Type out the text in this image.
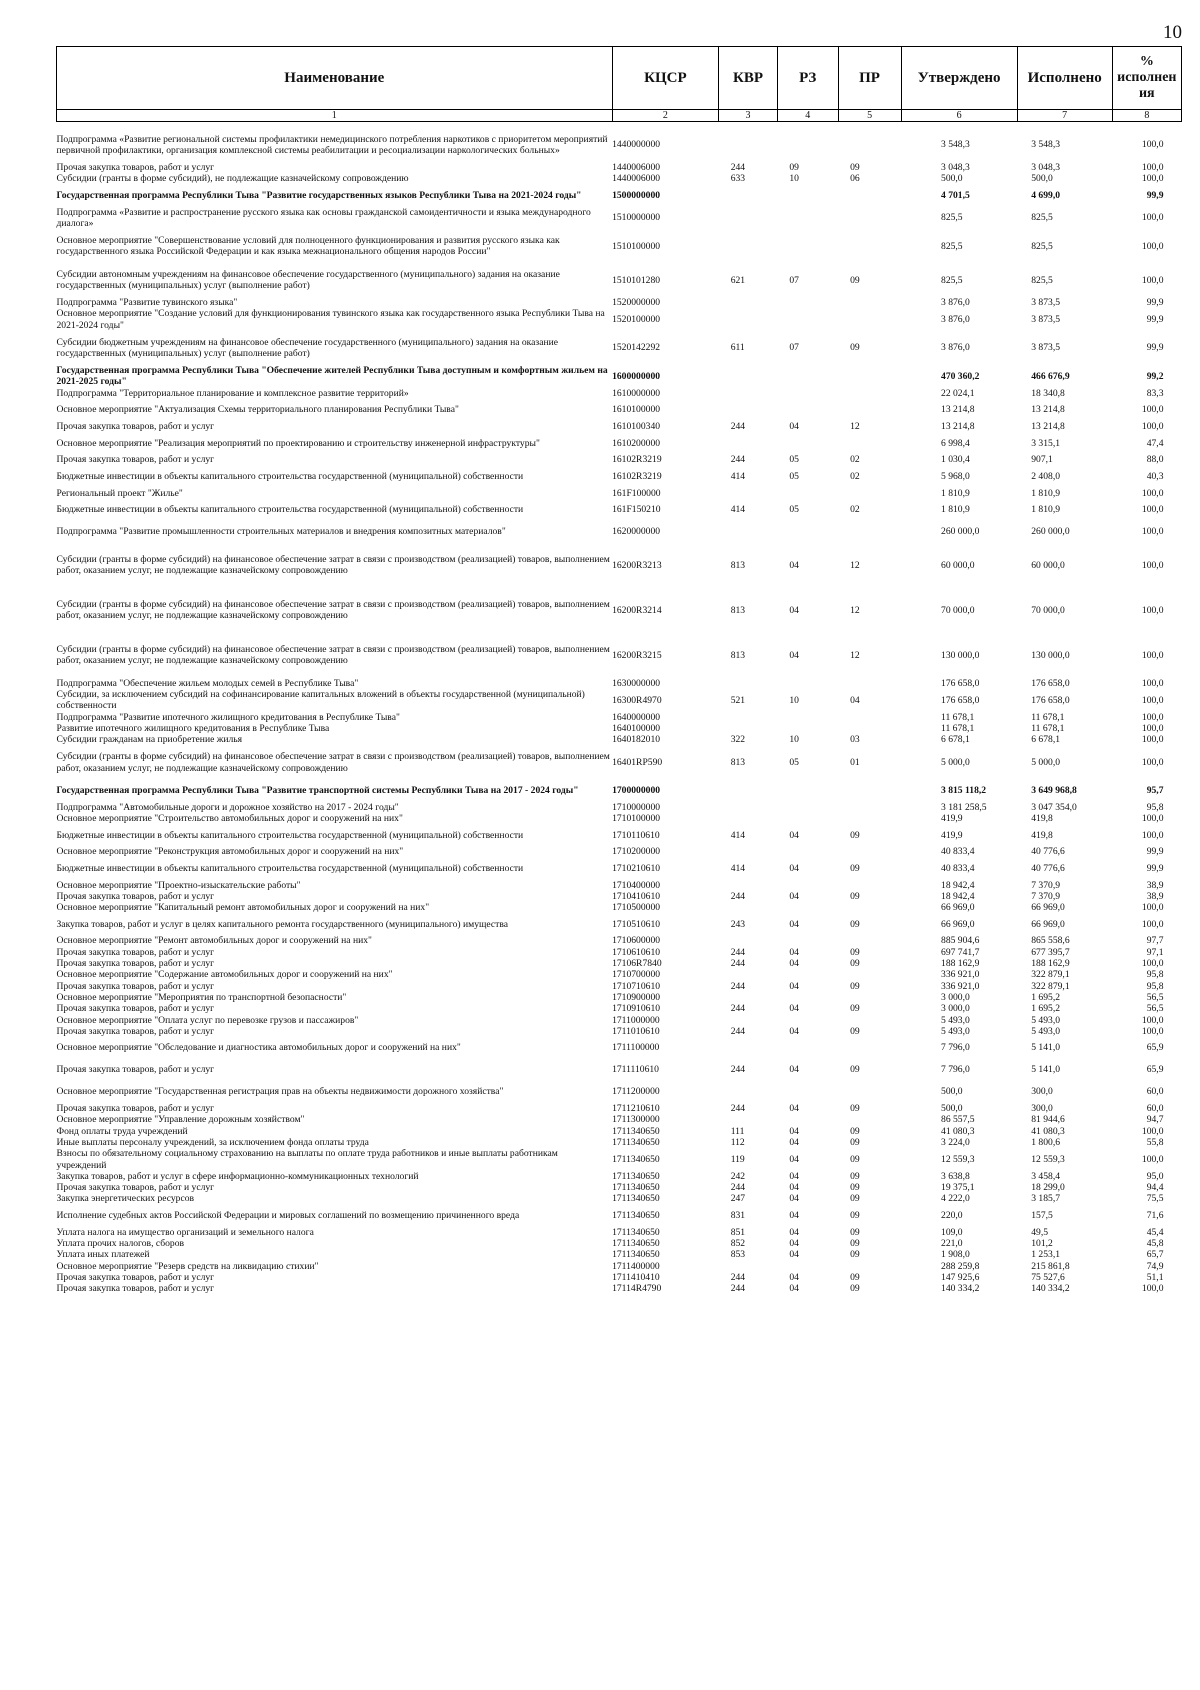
10
Наименование	КЦСР	КВР	РЗ	ПР	Утверждено	Исполнено	% исполнен ия
1	2	3	4	5	6	7	8

Подпрограмма «Развитие региональной системы профилактики немедицинского потребления наркотиков с приоритетом мероприятий первичной профилактики, организация комплексной системы реабилитации и ресоциализации наркологических больных»	1440000000				3 548,3	3 548,3	100,0
Прочая закупка товаров, работ и услуг	1440006000	244	09	09	3 048,3	3 048,3	100,0
Субсидии (гранты в форме субсидий), не подлежащие казначейскому сопровождению	1440006000	633	10	06	500,0	500,0	100,0
Государственная программа Республики Тыва "Развитие государственных языков Республики Тыва на 2021-2024 годы"	1500000000				4 701,5	4 699,0	99,9
Подпрограмма «Развитие и распространение русского языка как основы гражданской самоидентичности и языка международного диалога»	1510000000				825,5	825,5	100,0
Основное мероприятие "Совершенствование условий для полноценного функционирования и развития русского языка как государственного языка Российской Федерации и как языка межнационального общения народов России"	1510100000				825,5	825,5	100,0
Субсидии автономным учреждениям на финансовое обеспечение государственного (муниципального) задания на оказание государственных (муниципальных) услуг (выполнение работ)	1510101280	621	07	09	825,5	825,5	100,0
Подпрограмма "Развитие тувинского языка"	1520000000				3 876,0	3 873,5	99,9
Основное мероприятие "Создание условий для функционирования тувинского языка как государственного языка Республики Тыва на 2021-2024 годы"	1520100000				3 876,0	3 873,5	99,9
Субсидии бюджетным учреждениям на финансовое обеспечение государственного (муниципального) задания на оказание государственных (муниципальных) услуг (выполнение работ)	1520142292	611	07	09	3 876,0	3 873,5	99,9
Государственная программа Республики Тыва "Обеспечение жителей Республики Тыва доступным и комфортным жильем на 2021-2025 годы"	1600000000				470 360,2	466 676,9	99,2
Подпрограмма "Территориальное планирование и комплексное развитие территорий»	1610000000				22 024,1	18 340,8	83,3
Основное мероприятие "Актуализация Схемы территориального планирования Республики Тыва"	1610100000				13 214,8	13 214,8	100,0
Прочая закупка товаров, работ и услуг	1610100340	244	04	12	13 214,8	13 214,8	100,0
Основное мероприятие "Реализация мероприятий по проектированию и строительству инженерной инфраструктуры"	1610200000				6 998,4	3 315,1	47,4
Прочая закупка товаров, работ и услуг	16102R3219	244	05	02	1 030,4	907,1	88,0
Бюджетные инвестиции в объекты капитального строительства государственной (муниципальной) собственности	16102R3219	414	05	02	5 968,0	2 408,0	40,3
Региональный проект "Жилье"	161F100000				1 810,9	1 810,9	100,0
Бюджетные инвестиции в объекты капитального строительства государственной (муниципальной) собственности	161F150210	414	05	02	1 810,9	1 810,9	100,0
Подпрограмма "Развитие промышленности строительных материалов и внедрения композитных материалов"	1620000000				260 000,0	260 000,0	100,0
Субсидии (гранты в форме субсидий) на финансовое обеспечение затрат в связи с производством (реализацией) товаров, выполнением работ, оказанием услуг, не подлежащие казначейскому сопровождению	16200R3213	813	04	12	60 000,0	60 000,0	100,0
Субсидии (гранты в форме субсидий) на финансовое обеспечение затрат в связи с производством (реализацией) товаров, выполнением работ, оказанием услуг, не подлежащие казначейскому сопровождению	16200R3214	813	04	12	70 000,0	70 000,0	100,0
Субсидии (гранты в форме субсидий) на финансовое обеспечение затрат в связи с производством (реализацией) товаров, выполнением работ, оказанием услуг, не подлежащие казначейскому сопровождению	16200R3215	813	04	12	130 000,0	130 000,0	100,0
Подпрограмма "Обеспечение жильем молодых семей в Республике Тыва"	1630000000				176 658,0	176 658,0	100,0
Субсидии, за исключением субсидий на софинансирование капитальных вложений в объекты государственной (муниципальной) собственности	16300R4970	521	10	04	176 658,0	176 658,0	100,0
Подпрограмма "Развитие ипотечного жилищного кредитования в Республике Тыва"	1640000000				11 678,1	11 678,1	100,0
Развитие ипотечного жилищного кредитования в Республике Тыва	1640100000				11 678,1	11 678,1	100,0
Субсидии гражданам на приобретение жилья	1640182010	322	10	03	6 678,1	6 678,1	100,0
Субсидии (гранты в форме субсидий) на финансовое обеспечение затрат в связи с производством (реализацией) товаров, выполнением работ, оказанием услуг, не подлежащие казначейскому сопровождению	16401RP590	813	05	01	5 000,0	5 000,0	100,0
Государственная программа Республики Тыва "Развитие транспортной системы Республики Тыва на 2017 - 2024 годы"	1700000000				3 815 118,2	3 649 968,8	95,7
Подпрограмма "Автомобильные дороги и дорожное хозяйство на 2017 - 2024 годы"	1710000000				3 181 258,5	3 047 354,0	95,8
Основное мероприятие "Строительство автомобильных дорог и сооружений на них"	1710100000				419,9	419,8	100,0
Бюджетные инвестиции в объекты капитального строительства государственной (муниципальной) собственности	1710110610	414	04	09	419,9	419,8	100,0
Основное мероприятие "Реконструкция автомобильных дорог и сооружений на них"	1710200000				40 833,4	40 776,6	99,9
Бюджетные инвестиции в объекты капитального строительства государственной (муниципальной) собственности	1710210610	414	04	09	40 833,4	40 776,6	99,9
Основное мероприятие "Проектно-изыскательские работы"	1710400000				18 942,4	7 370,9	38,9
Прочая закупка товаров, работ и услуг	1710410610	244	04	09	18 942,4	7 370,9	38,9
Основное мероприятие "Капитальный ремонт автомобильных дорог и сооружений на них"	1710500000				66 969,0	66 969,0	100,0
Закупка товаров, работ и услуг в целях капитального ремонта государственного (муниципального) имущества	1710510610	243	04	09	66 969,0	66 969,0	100,0
Основное мероприятие "Ремонт автомобильных дорог и сооружений на них"	1710600000				885 904,6	865 558,6	97,7
Прочая закупка товаров, работ и услуг	1710610610	244	04	09	697 741,7	677 395,7	97,1
Прочая закупка товаров, работ и услуг	17106R7840	244	04	09	188 162,9	188 162,9	100,0
Основное мероприятие "Содержание автомобильных дорог и сооружений на них"	1710700000				336 921,0	322 879,1	95,8
Прочая закупка товаров, работ и услуг	1710710610	244	04	09	336 921,0	322 879,1	95,8
Основное мероприятие "Мероприятия по транспортной безопасности"	1710900000				3 000,0	1 695,2	56,5
Прочая закупка товаров, работ и услуг	1710910610	244	04	09	3 000,0	1 695,2	56,5
Основное мероприятие "Оплата услуг по перевозке грузов и пассажиров"	1711000000				5 493,0	5 493,0	100,0
Прочая закупка товаров, работ и услуг	1711010610	244	04	09	5 493,0	5 493,0	100,0
Основное мероприятие "Обследование и диагностика автомобильных дорог и сооружений на них"	1711100000				7 796,0	5 141,0	65,9
Прочая закупка товаров, работ и услуг	1711110610	244	04	09	7 796,0	5 141,0	65,9
Основное мероприятие "Государственная регистрация прав на объекты недвижимости дорожного хозяйства"	1711200000				500,0	300,0	60,0
Прочая закупка товаров, работ и услуг	1711210610	244	04	09	500,0	300,0	60,0
Основное мероприятие "Управление дорожным хозяйством"	1711300000				86 557,5	81 944,6	94,7
Фонд оплаты труда учреждений	1711340650	111	04	09	41 080,3	41 080,3	100,0
Иные выплаты персоналу учреждений, за исключением фонда оплаты труда	1711340650	112	04	09	3 224,0	1 800,6	55,8
Взносы по обязательному социальному страхованию на выплаты по оплате труда работников и иные выплаты работникам учреждений	1711340650	119	04	09	12 559,3	12 559,3	100,0
Закупка товаров, работ и услуг в сфере информационно-коммуникационных технологий	1711340650	242	04	09	3 638,8	3 458,4	95,0
Прочая закупка товаров, работ и услуг	1711340650	244	04	09	19 375,1	18 299,0	94,4
Закупка энергетических ресурсов	1711340650	247	04	09	4 222,0	3 185,7	75,5
Исполнение судебных актов Российской Федерации и мировых соглашений по возмещению причиненного вреда	1711340650	831	04	09	220,0	157,5	71,6
Уплата налога на имущество организаций и земельного налога	1711340650	851	04	09	109,0	49,5	45,4
Уплата прочих налогов, сборов	1711340650	852	04	09	221,0	101,2	45,8
Уплата иных платежей	1711340650	853	04	09	1 908,0	1 253,1	65,7
Основное мероприятие "Резерв средств на ликвидацию стихии"	1711400000				288 259,8	215 861,8	74,9
Прочая закупка товаров, работ и услуг	1711410410	244	04	09	147 925,6	75 527,6	51,1
Прочая закупка товаров, работ и услуг	17114R4790	244	04	09	140 334,2	140 334,2	100,0
